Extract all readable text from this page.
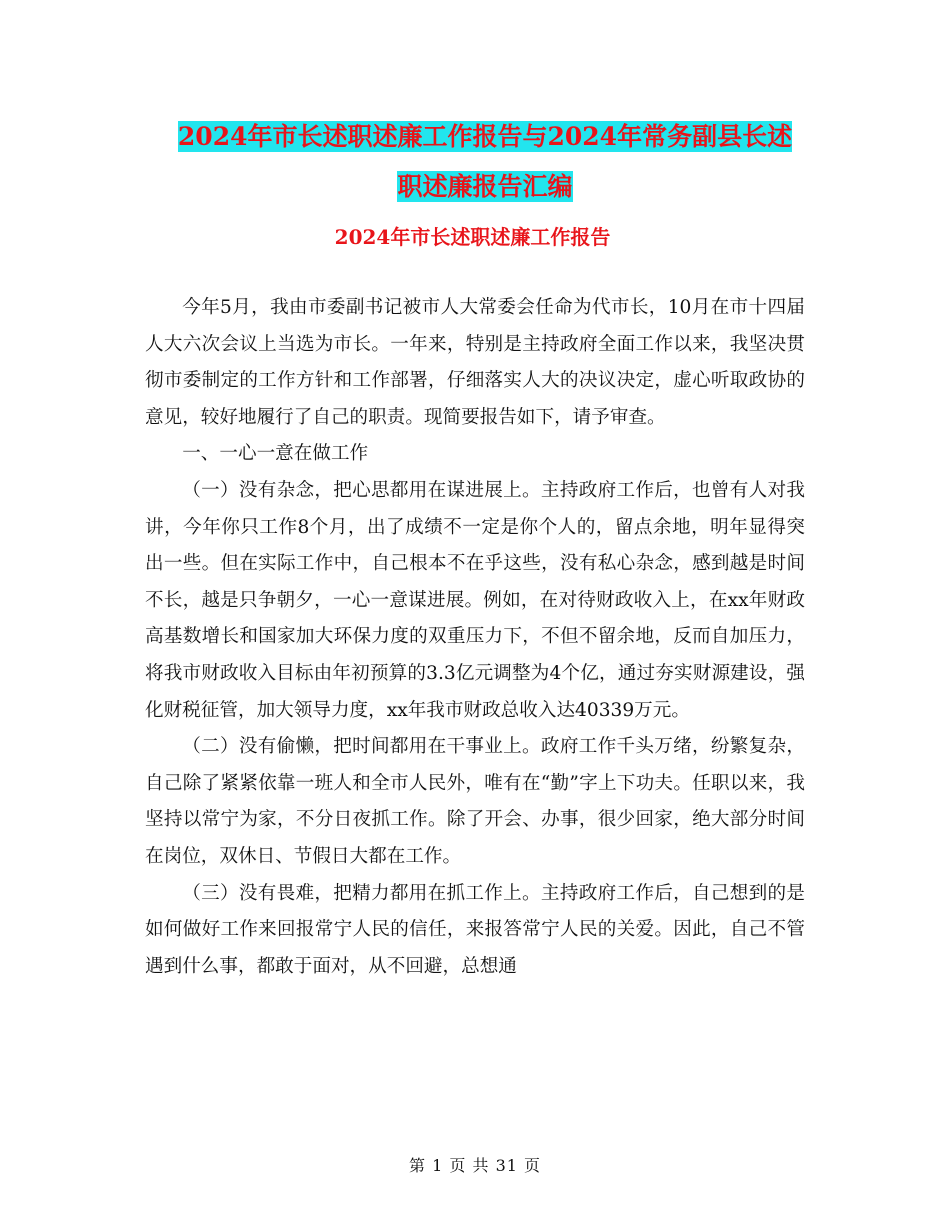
2024年市长述职述廉工作报告与2024年常务副县长述
职述廉报告汇编
2024年市长述职述廉工作报告

今年5月，我由市委副书记被市人大常委会任命为代市长，10月在市十四届人大六次会议上当选为市长。一年来，特别是主持政府全面工作以来，我坚决贯彻市委制定的工作方针和工作部署，仔细落实人大的决议决定，虚心听取政协的意见，较好地履行了自己的职责。现简要报告如下，请予审查。

一、一心一意在做工作

（一）没有杂念，把心思都用在谋进展上。主持政府工作后，也曾有人对我讲，今年你只工作8个月，出了成绩不一定是你个人的，留点余地，明年显得突出一些。但在实际工作中，自己根本不在乎这些，没有私心杂念，感到越是时间不长，越是只争朝夕，一心一意谋进展。例如，在对待财政收入上，在xx年财政高基数增长和国家加大环保力度的双重压力下，不但不留余地，反而自加压力，将我市财政收入目标由年初预算的3.3亿元调整为4个亿，通过夯实财源建设，强化财税征管，加大领导力度，xx年我市财政总收入达40339万元。

（二）没有偷懒，把时间都用在干事业上。政府工作千头万绪，纷繁复杂，自己除了紧紧依靠一班人和全市人民外，唯有在“勤”字上下功夫。任职以来，我坚持以常宁为家，不分日夜抓工作。除了开会、办事，很少回家，绝大部分时间在岗位，双休日、节假日大都在工作。

（三）没有畏难，把精力都用在抓工作上。主持政府工作后，自己想到的是如何做好工作来回报常宁人民的信任，来报答常宁人民的关爱。因此，自己不管遇到什么事，都敢于面对，从不回避，总想通

第 1 页 共 31 页
